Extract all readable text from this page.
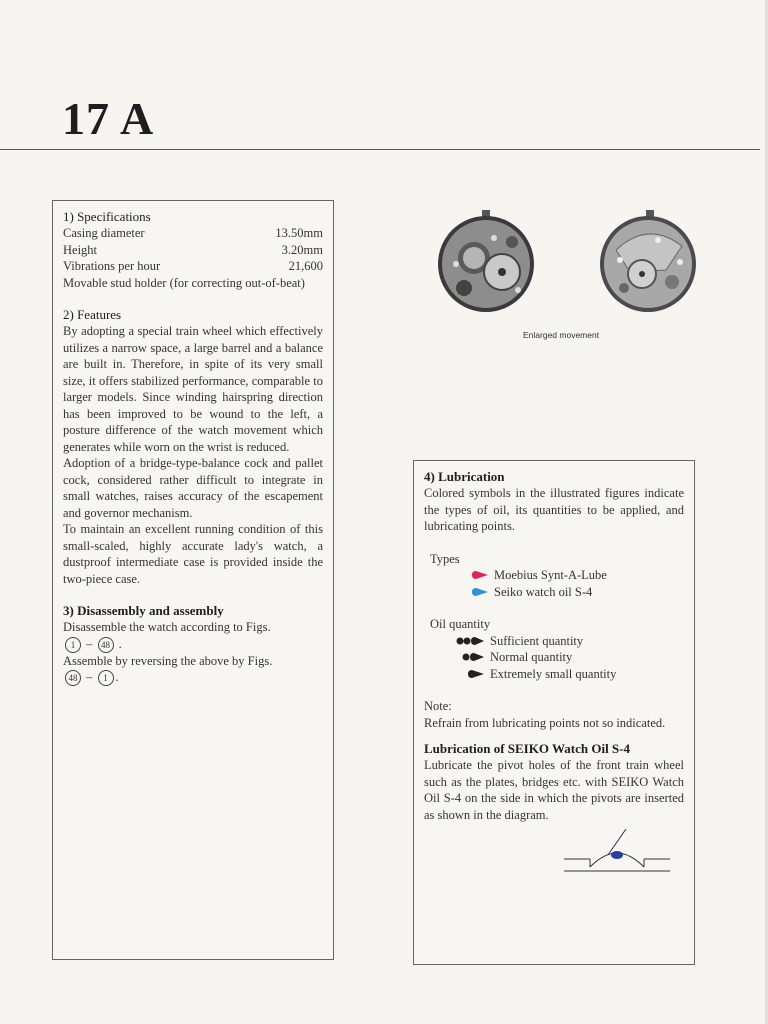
17 A
1) Specifications
Casing diameter	13.50mm
Height	3.20mm
Vibrations per hour	21,600
Movable stud holder (for correcting out-of-beat)
2) Features
By adopting a special train wheel which effectively utilizes a narrow space, a large barrel and a balance are built in. Therefore, in spite of its very small size, it offers stabilized performance, comparable to larger models. Since winding hairspring direction has been improved to be wound to the left, a posture difference of the watch movement which generates while worn on the wrist is reduced.
Adoption of a bridge-type-balance cock and pallet cock, considered rather difficult to integrate in small watches, raises accuracy of the escapement and governor mechanism.
To maintain an excellent running condition of this small-scaled, highly accurate lady's watch, a dustproof intermediate case is provided inside the two-piece case.
3) Disassembly and assembly
Disassemble the watch according to Figs.
1 – 48 .
Assemble by reversing the above by Figs.
48 – 1 .
Enlarged movement
4) Lubrication
Colored symbols in the illustrated figures indicate the types of oil, its quantities to be applied, and lubricating points.
Types
Moebius Synt-A-Lube
Seiko watch oil S-4
Oil quantity
Sufficient quantity
Normal quantity
Extremely small quantity
Note:
Refrain from lubricating points not so indicated.
Lubrication of SEIKO Watch Oil S-4
Lubricate the pivot holes of the front train wheel such as the plates, bridges etc. with SEIKO Watch Oil S-4 on the side in which the pivots are inserted as shown in the diagram.
